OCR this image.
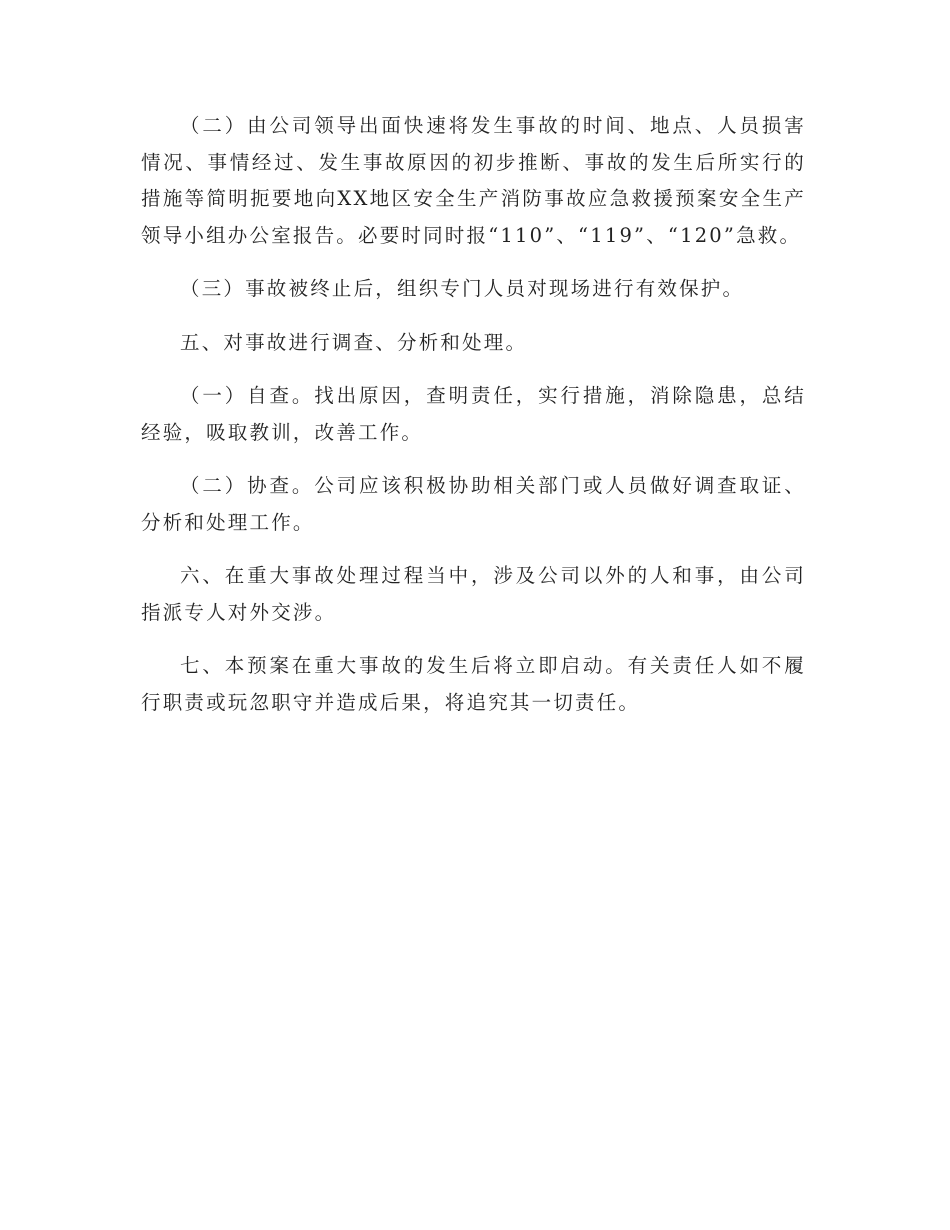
（二）由公司领导出面快速将发生事故的时间、地点、人员损害情况、事情经过、发生事故原因的初步推断、事故的发生后所实行的措施等简明扼要地向XX地区安全生产消防事故应急救援预案安全生产领导小组办公室报告。必要时同时报“110”、“119”、“120”急救。

（三）事故被终止后，组织专门人员对现场进行有效保护。

五、对事故进行调查、分析和处理。

（一）自查。找出原因，查明责任，实行措施，消除隐患，总结经验，吸取教训，改善工作。

（二）协查。公司应该积极协助相关部门或人员做好调查取证、分析和处理工作。

六、在重大事故处理过程当中，涉及公司以外的人和事，由公司指派专人对外交涉。

七、本预案在重大事故的发生后将立即启动。有关责任人如不履行职责或玩忽职守并造成后果，将追究其一切责任。
